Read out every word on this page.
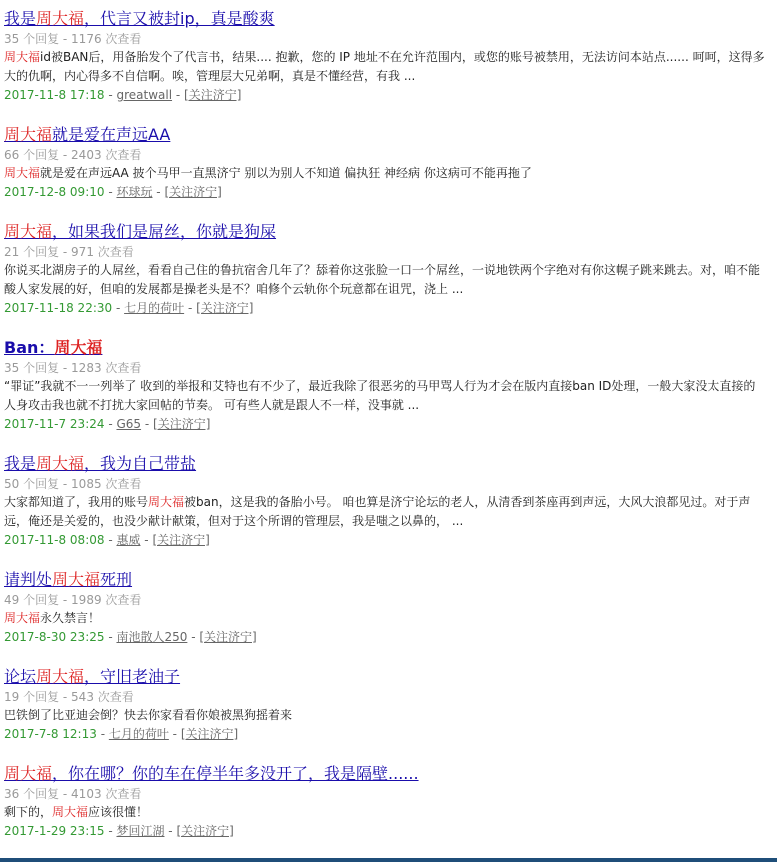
我是周大福，代言又被封ip，真是酸爽
35 个回复 - 1176 次查看
周大福id被BAN后，用备胎发个了代言书，结果.... 抱歉，您的 IP 地址不在允许范围内，或您的账号被禁用，无法访问本站点...... 呵呵，这得多大的仇啊，内心得多不自信啊。唉，管理层大兄弟啊，真是不懂经营，有我 ...
2017-11-8 17:18 - greatwall - [关注济宁]
周大福就是爱在声远AA
66 个回复 - 2403 次查看
周大福就是爱在声远AA 披个马甲一直黑济宁 别以为别人不知道 偏执狂 神经病 你这病可不能再拖了
2017-12-8 09:10 - 环球玩 - [关注济宁]
周大福，如果我们是屌丝，你就是狗屎
21 个回复 - 971 次查看
你说买北湖房子的人屌丝，看看自己住的鲁抗宿舍几年了？舔着你这张脸一口一个屌丝，一说地铁两个字绝对有你这幌子跳来跳去。对，咱不能酸人家发展的好，但咱的发展都是操老头是不？咱修个云轨你个玩意都在诅咒，浇上 ...
2017-11-18 22:30 - 七月的荷叶 - [关注济宁]
Ban：周大福
35 个回复 - 1283 次查看
“罪证”我就不一一列举了 收到的举报和艾特也有不少了，最近我除了很恶劣的马甲骂人行为才会在版内直接ban ID处理，一般大家没太直接的人身攻击我也就不打扰大家回帖的节奏。 可有些人就是跟人不一样，没事就 ...
2017-11-7 23:24 - G65 - [关注济宁]
我是周大福，我为自己带盐
50 个回复 - 1085 次查看
大家都知道了，我用的账号周大福被ban，这是我的备胎小号。 咱也算是济宁论坛的老人，从清香到茶座再到声远，大风大浪都见过。对于声远，俺还是关爱的，也没少献计献策，但对于这个所谓的管理层，我是嗤之以鼻的， ...
2017-11-8 08:08 - 惠威 - [关注济宁]
请判处周大福死刑
49 个回复 - 1989 次查看
周大福永久禁言！
2017-8-30 23:25 - 南池散人250 - [关注济宁]
论坛周大福，守旧老油子
19 个回复 - 543 次查看
巴铁倒了比亚迪会倒？快去你家看看你娘被黑狗摇着来
2017-7-8 12:13 - 七月的荷叶 - [关注济宁]
周大福，你在哪？你的车在停半年多没开了，我是隔壁......
36 个回复 - 4103 次查看
剩下的，周大福应该很懂！
2017-1-29 23:15 - 梦回江湖 - [关注济宁]
